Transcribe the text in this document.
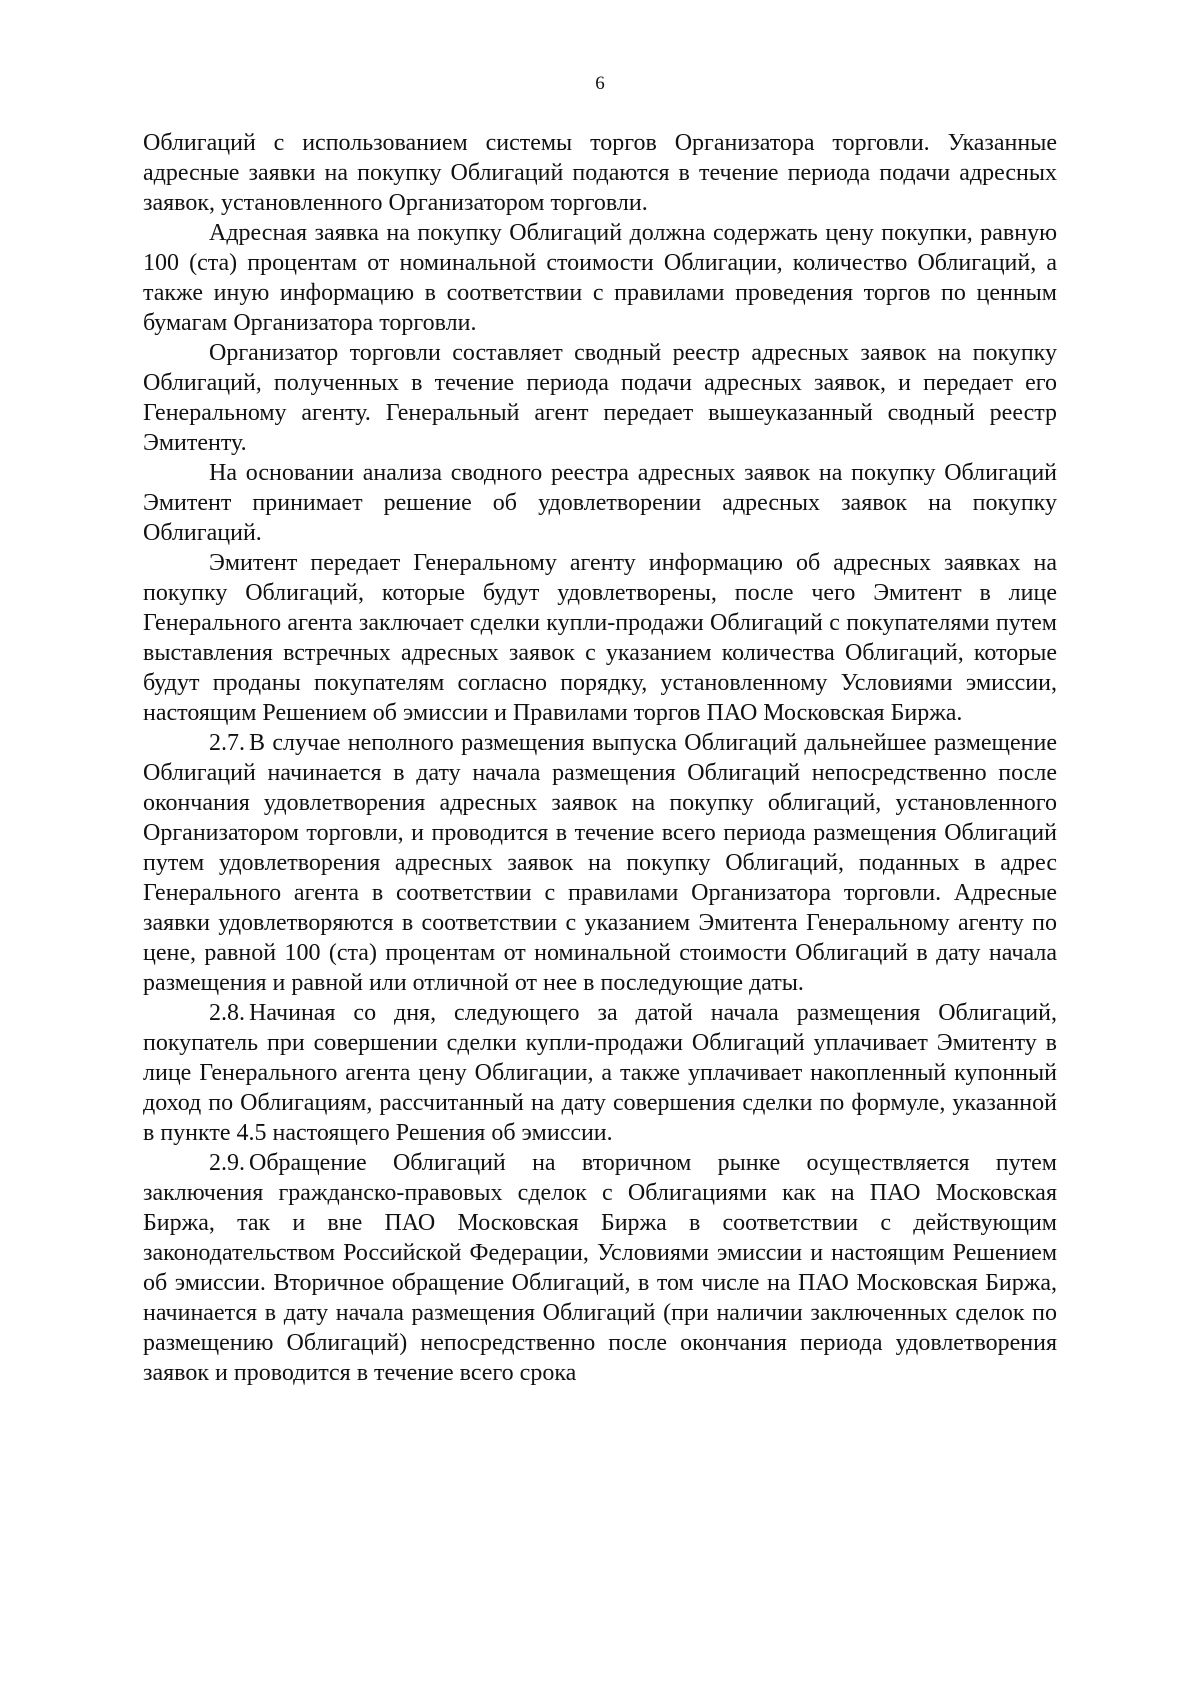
6

Облигаций с использованием системы торгов Организатора торговли. Указанные адресные заявки на покупку Облигаций подаются в течение периода подачи адресных заявок, установленного Организатором торговли.

Адресная заявка на покупку Облигаций должна содержать цену покупки, равную 100 (ста) процентам от номинальной стоимости Облигации, количество Облигаций, а также иную информацию в соответствии с правилами проведения торгов по ценным бумагам Организатора торговли.

Организатор торговли составляет сводный реестр адресных заявок на покупку Облигаций, полученных в течение периода подачи адресных заявок, и передает его Генеральному агенту. Генеральный агент передает вышеуказанный сводный реестр Эмитенту.

На основании анализа сводного реестра адресных заявок на покупку Облигаций Эмитент принимает решение об удовлетворении адресных заявок на покупку Облигаций.

Эмитент передает Генеральному агенту информацию об адресных заявках на покупку Облигаций, которые будут удовлетворены, после чего Эмитент в лице Генерального агента заключает сделки купли-продажи Облигаций с покупателями путем выставления встречных адресных заявок с указанием количества Облигаций, которые будут проданы покупателям согласно порядку, установленному Условиями эмиссии, настоящим Решением об эмиссии и Правилами торгов ПАО Московская Биржа.

2.7. В случае неполного размещения выпуска Облигаций дальнейшее размещение Облигаций начинается в дату начала размещения Облигаций непосредственно после окончания удовлетворения адресных заявок на покупку облигаций, установленного Организатором торговли, и проводится в течение всего периода размещения Облигаций путем удовлетворения адресных заявок на покупку Облигаций, поданных в адрес Генерального агента в соответствии с правилами Организатора торговли. Адресные заявки удовлетворяются в соответствии с указанием Эмитента Генеральному агенту по цене, равной 100 (ста) процентам от номинальной стоимости Облигаций в дату начала размещения и равной или отличной от нее в последующие даты.

2.8. Начиная со дня, следующего за датой начала размещения Облигаций, покупатель при совершении сделки купли-продажи Облигаций уплачивает Эмитенту в лице Генерального агента цену Облигации, а также уплачивает накопленный купонный доход по Облигациям, рассчитанный на дату совершения сделки по формуле, указанной в пункте 4.5 настоящего Решения об эмиссии.

2.9. Обращение Облигаций на вторичном рынке осуществляется путем заключения гражданско-правовых сделок с Облигациями как на ПАО Московская Биржа, так и вне ПАО Московская Биржа в соответствии с действующим законодательством Российской Федерации, Условиями эмиссии и настоящим Решением об эмиссии. Вторичное обращение Облигаций, в том числе на ПАО Московская Биржа, начинается в дату начала размещения Облигаций (при наличии заключенных сделок по размещению Облигаций) непосредственно после окончания периода удовлетворения заявок и проводится в течение всего срока
